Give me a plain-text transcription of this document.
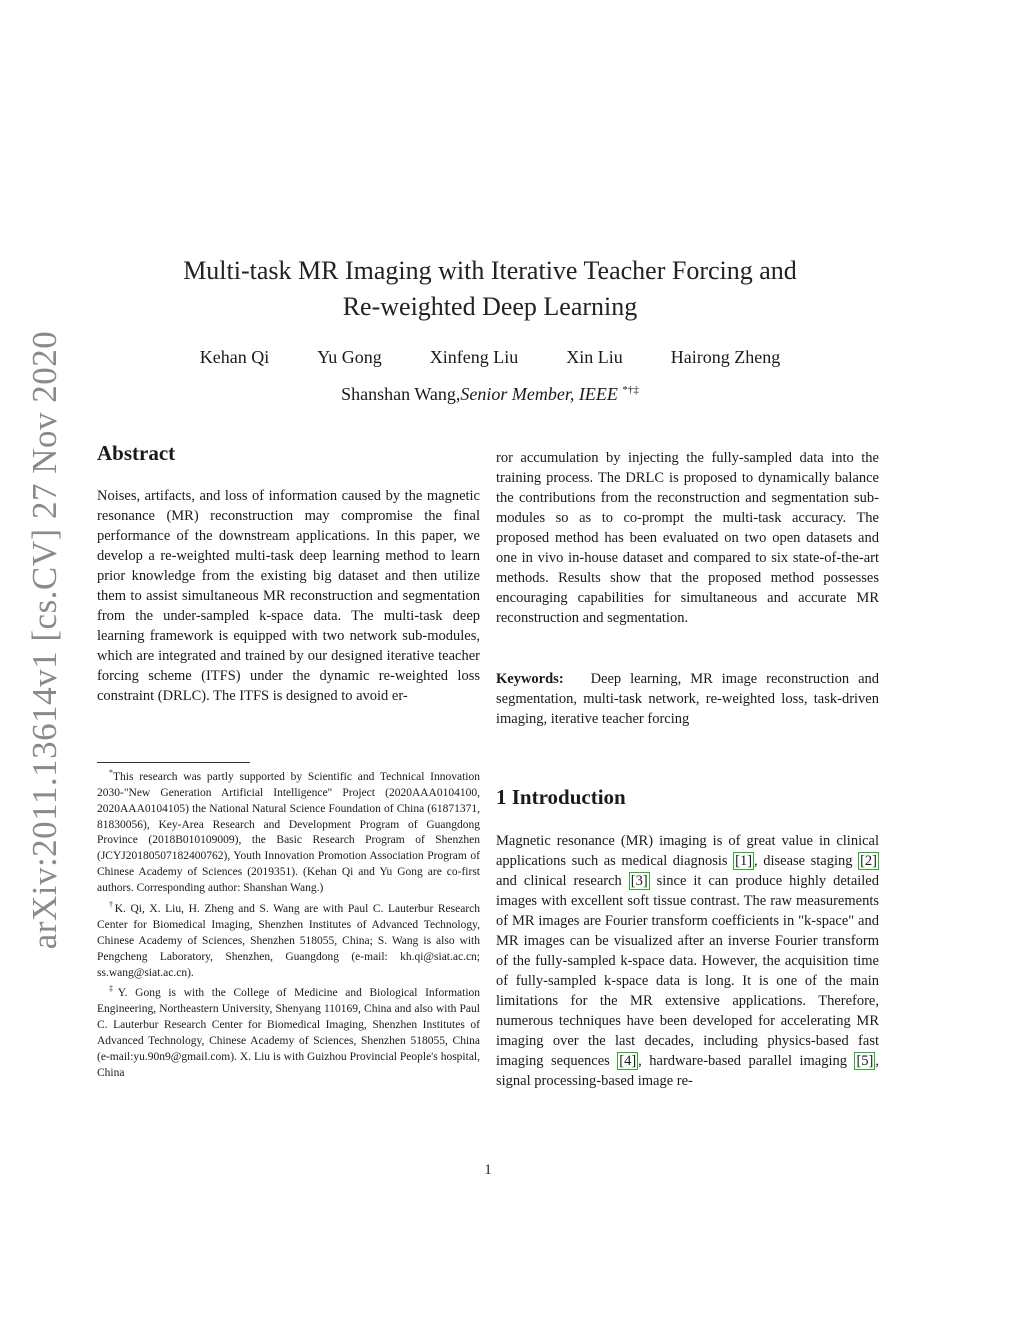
arXiv:2011.13614v1 [cs.CV] 27 Nov 2020
Multi-task MR Imaging with Iterative Teacher Forcing and
Re-weighted Deep Learning
Kehan Qi	Yu Gong	Xinfeng Liu	Xin Liu	Hairong Zheng
Shanshan Wang,Senior Member, IEEE *†‡
Abstract

Noises, artifacts, and loss of information caused by the magnetic resonance (MR) reconstruction may compromise the final performance of the downstream applications. In this paper, we develop a re-weighted multi-task deep learning method to learn prior knowledge from the existing big dataset and then utilize them to assist simultaneous MR reconstruction and segmentation from the under-sampled k-space data. The multi-task deep learning framework is equipped with two network sub-modules, which are integrated and trained by our designed iterative teacher forcing scheme (ITFS) under the dynamic re-weighted loss constraint (DRLC). The ITFS is designed to avoid er-

ror accumulation by injecting the fully-sampled data into the training process. The DRLC is proposed to dynamically balance the contributions from the reconstruction and segmentation sub-modules so as to co-prompt the multi-task accuracy. The proposed method has been evaluated on two open datasets and one in vivo in-house dataset and compared to six state-of-the-art methods. Results show that the proposed method possesses encouraging capabilities for simultaneous and accurate MR reconstruction and segmentation.

Keywords: Deep learning, MR image reconstruction and segmentation, multi-task network, re-weighted loss, task-driven imaging, iterative teacher forcing

1 Introduction

Magnetic resonance (MR) imaging is of great value in clinical applications such as medical diagnosis [1] , disease staging [2] and clinical research [3] since it can produce highly detailed images with excellent soft tissue contrast. The raw measurements of MR images are Fourier transform coefficients in "k-space" and MR images can be visualized after an inverse Fourier transform of the fully-sampled k-space data. However, the acquisition time of fully-sampled k-space data is long. It is one of the main limitations for the MR extensive applications. Therefore, numerous techniques have been developed for accelerating MR imaging over the last decades, including physics-based fast imaging sequences [4] , hardware-based parallel imaging [5] , signal processing-based image re-

*This research was partly supported by Scientific and Technical Innovation 2030-"New Generation Artificial Intelligence" Project (2020AAA0104100, 2020AAA0104105) the National Natural Science Foundation of China (61871371, 81830056), Key-Area Research and Development Program of Guangdong Province (2018B010109009), the Basic Research Program of Shenzhen (JCYJ20180507182400762), Youth Innovation Promotion Association Program of Chinese Academy of Sciences (2019351). (Kehan Qi and Yu Gong are co-first authors. Corresponding author: Shanshan Wang.)

†K. Qi, X. Liu, H. Zheng and S. Wang are with Paul C. Lauterbur Research Center for Biomedical Imaging, Shenzhen Institutes of Advanced Technology, Chinese Academy of Sciences, Shenzhen 518055, China; S. Wang is also with Pengcheng Laboratory, Shenzhen, Guangdong (e-mail: kh.qi@siat.ac.cn; ss.wang@siat.ac.cn).

‡Y. Gong is with the College of Medicine and Biological Information Engineering, Northeastern University, Shenyang 110169, China and also with Paul C. Lauterbur Research Center for Biomedical Imaging, Shenzhen Institutes of Advanced Technology, Chinese Academy of Sciences, Shenzhen 518055, China (e-mail:yu.90n9@gmail.com). X. Liu is with Guizhou Provincial People's hospital, China

1
